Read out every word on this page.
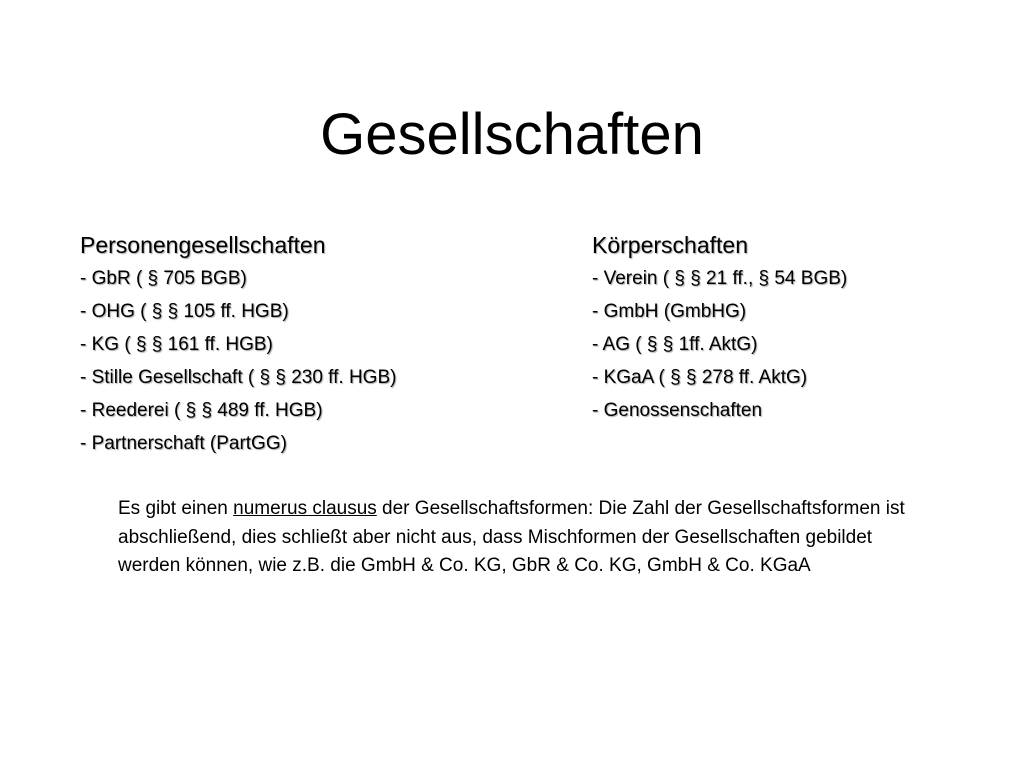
Gesellschaften

Personengesellschaften

- GbR ( § 705 BGB)
- OHG ( § § 105 ff. HGB)
- KG ( § § 161 ff. HGB)
- Stille Gesellschaft ( § § 230 ff. HGB)
- Reederei ( § § 489 ff. HGB)
- Partnerschaft (PartGG)

Körperschaften

- Verein ( § § 21 ff., § 54 BGB)
- GmbH (GmbHG)
- AG ( § § 1ff. AktG)
- KGaA ( § § 278 ff. AktG)
- Genossenschaften

Es gibt einen numerus clausus der Gesellschaftsformen: Die Zahl der Gesellschaftsformen ist abschließend, dies schließt aber nicht aus, dass Mischformen der Gesellschaften gebildet werden können, wie z.B. die GmbH & Co. KG, GbR & Co. KG, GmbH & Co. KGaA
